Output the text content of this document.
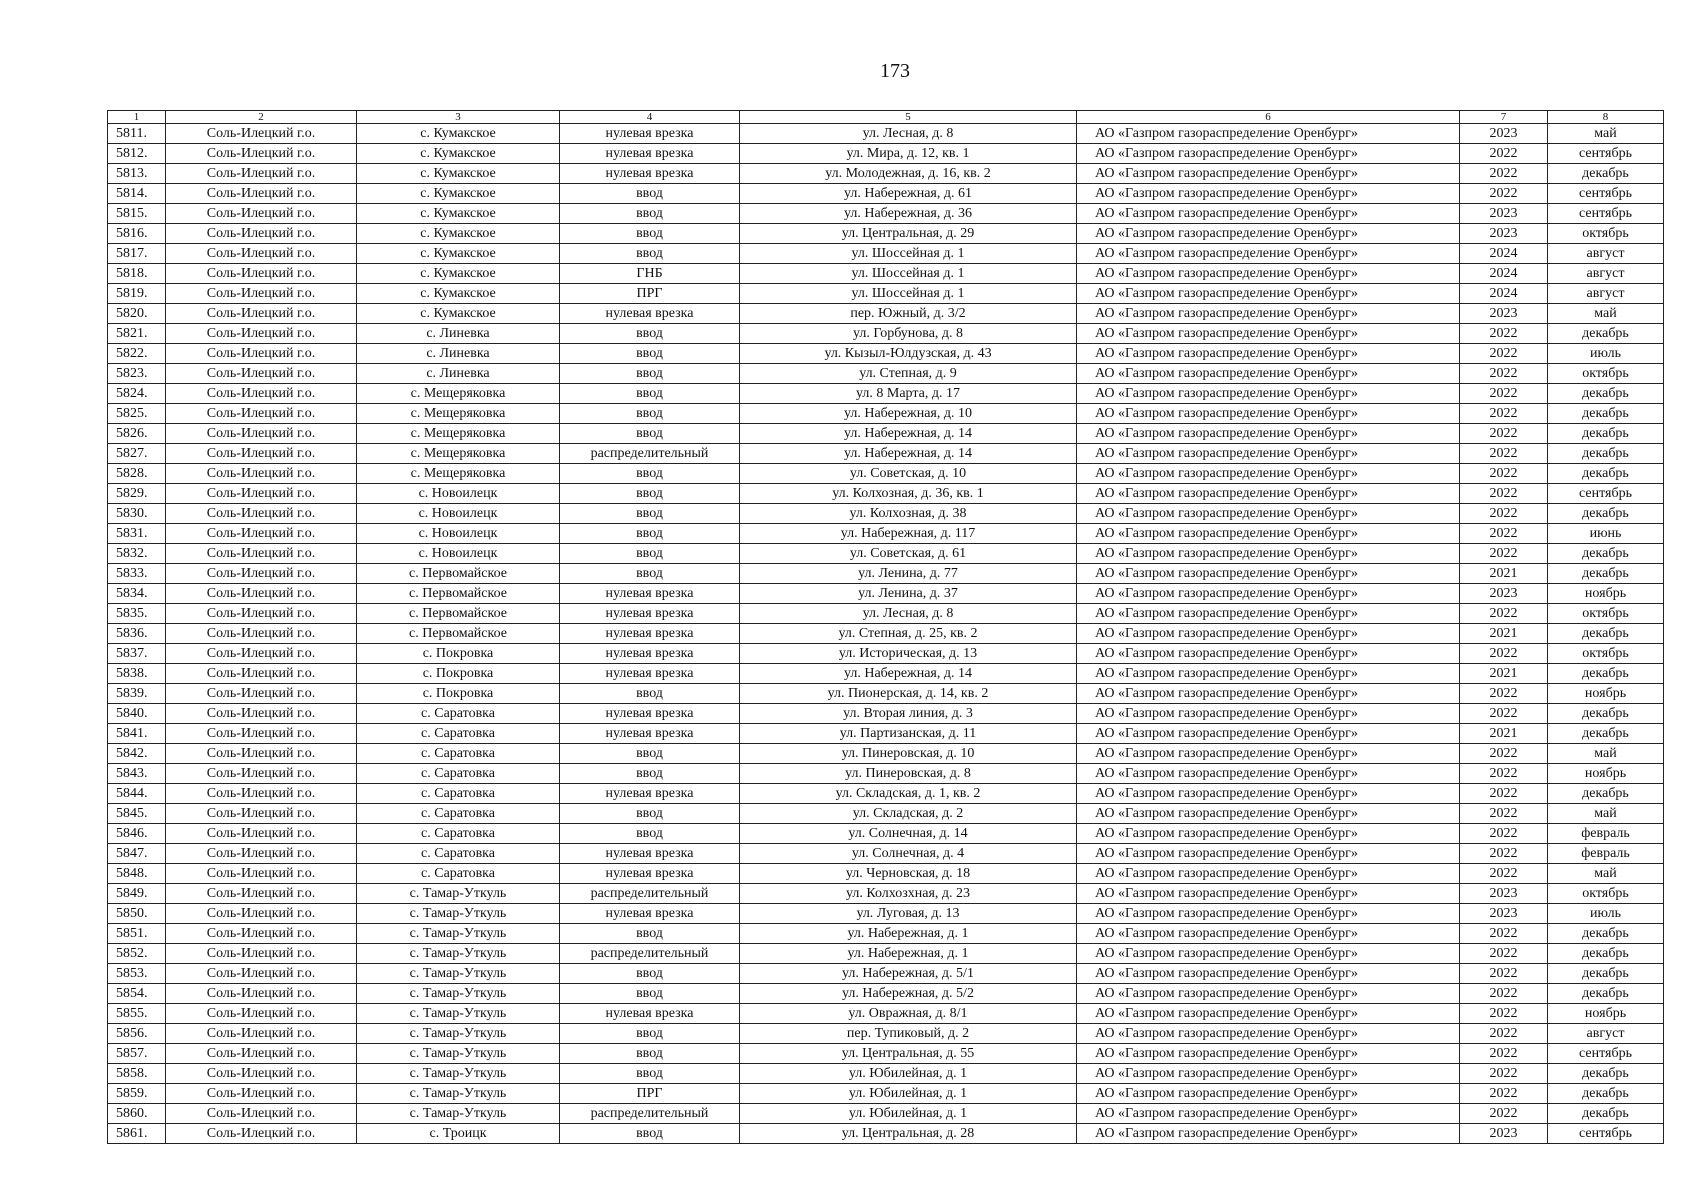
173
1	2	3	4	5	6	7	8
5811.	Соль-Илецкий г.о.	с. Кумакское	нулевая врезка	ул. Лесная, д. 8	АО «Газпром газораспределение Оренбург»	2023	май
5812.	Соль-Илецкий г.о.	с. Кумакское	нулевая врезка	ул. Мира, д. 12, кв. 1	АО «Газпром газораспределение Оренбург»	2022	сентябрь
5813.	Соль-Илецкий г.о.	с. Кумакское	нулевая врезка	ул. Молодежная, д. 16, кв. 2	АО «Газпром газораспределение Оренбург»	2022	декабрь
5814.	Соль-Илецкий г.о.	с. Кумакское	ввод	ул. Набережная, д. 61	АО «Газпром газораспределение Оренбург»	2022	сентябрь
5815.	Соль-Илецкий г.о.	с. Кумакское	ввод	ул. Набережная, д. 36	АО «Газпром газораспределение Оренбург»	2023	сентябрь
5816.	Соль-Илецкий г.о.	с. Кумакское	ввод	ул. Центральная, д. 29	АО «Газпром газораспределение Оренбург»	2023	октябрь
5817.	Соль-Илецкий г.о.	с. Кумакское	ввод	ул. Шоссейная д. 1	АО «Газпром газораспределение Оренбург»	2024	август
5818.	Соль-Илецкий г.о.	с. Кумакское	ГНБ	ул. Шоссейная д. 1	АО «Газпром газораспределение Оренбург»	2024	август
5819.	Соль-Илецкий г.о.	с. Кумакское	ПРГ	ул. Шоссейная д. 1	АО «Газпром газораспределение Оренбург»	2024	август
5820.	Соль-Илецкий г.о.	с. Кумакское	нулевая врезка	пер. Южный, д. 3/2	АО «Газпром газораспределение Оренбург»	2023	май
5821.	Соль-Илецкий г.о.	с. Линевка	ввод	ул. Горбунова, д. 8	АО «Газпром газораспределение Оренбург»	2022	декабрь
5822.	Соль-Илецкий г.о.	с. Линевка	ввод	ул. Кызыл-Юлдузская, д. 43	АО «Газпром газораспределение Оренбург»	2022	июль
5823.	Соль-Илецкий г.о.	с. Линевка	ввод	ул. Степная, д. 9	АО «Газпром газораспределение Оренбург»	2022	октябрь
5824.	Соль-Илецкий г.о.	с. Мещеряковка	ввод	ул. 8 Марта, д. 17	АО «Газпром газораспределение Оренбург»	2022	декабрь
5825.	Соль-Илецкий г.о.	с. Мещеряковка	ввод	ул. Набережная, д. 10	АО «Газпром газораспределение Оренбург»	2022	декабрь
5826.	Соль-Илецкий г.о.	с. Мещеряковка	ввод	ул. Набережная, д. 14	АО «Газпром газораспределение Оренбург»	2022	декабрь
5827.	Соль-Илецкий г.о.	с. Мещеряковка	распределительный	ул. Набережная, д. 14	АО «Газпром газораспределение Оренбург»	2022	декабрь
5828.	Соль-Илецкий г.о.	с. Мещеряковка	ввод	ул. Советская, д. 10	АО «Газпром газораспределение Оренбург»	2022	декабрь
5829.	Соль-Илецкий г.о.	с. Новоилецк	ввод	ул. Колхозная, д. 36, кв. 1	АО «Газпром газораспределение Оренбург»	2022	сентябрь
5830.	Соль-Илецкий г.о.	с. Новоилецк	ввод	ул. Колхозная, д. 38	АО «Газпром газораспределение Оренбург»	2022	декабрь
5831.	Соль-Илецкий г.о.	с. Новоилецк	ввод	ул. Набережная, д. 117	АО «Газпром газораспределение Оренбург»	2022	июнь
5832.	Соль-Илецкий г.о.	с. Новоилецк	ввод	ул. Советская, д. 61	АО «Газпром газораспределение Оренбург»	2022	декабрь
5833.	Соль-Илецкий г.о.	с. Первомайское	ввод	ул. Ленина, д. 77	АО «Газпром газораспределение Оренбург»	2021	декабрь
5834.	Соль-Илецкий г.о.	с. Первомайское	нулевая врезка	ул. Ленина, д. 37	АО «Газпром газораспределение Оренбург»	2023	ноябрь
5835.	Соль-Илецкий г.о.	с. Первомайское	нулевая врезка	ул. Лесная, д. 8	АО «Газпром газораспределение Оренбург»	2022	октябрь
5836.	Соль-Илецкий г.о.	с. Первомайское	нулевая врезка	ул. Степная, д. 25, кв. 2	АО «Газпром газораспределение Оренбург»	2021	декабрь
5837.	Соль-Илецкий г.о.	с. Покровка	нулевая врезка	ул. Историческая, д. 13	АО «Газпром газораспределение Оренбург»	2022	октябрь
5838.	Соль-Илецкий г.о.	с. Покровка	нулевая врезка	ул. Набережная, д. 14	АО «Газпром газораспределение Оренбург»	2021	декабрь
5839.	Соль-Илецкий г.о.	с. Покровка	ввод	ул. Пионерская, д. 14, кв. 2	АО «Газпром газораспределение Оренбург»	2022	ноябрь
5840.	Соль-Илецкий г.о.	с. Саратовка	нулевая врезка	ул. Вторая линия, д. 3	АО «Газпром газораспределение Оренбург»	2022	декабрь
5841.	Соль-Илецкий г.о.	с. Саратовка	нулевая врезка	ул. Партизанская, д. 11	АО «Газпром газораспределение Оренбург»	2021	декабрь
5842.	Соль-Илецкий г.о.	с. Саратовка	ввод	ул. Пинеровская, д. 10	АО «Газпром газораспределение Оренбург»	2022	май
5843.	Соль-Илецкий г.о.	с. Саратовка	ввод	ул. Пинеровская, д. 8	АО «Газпром газораспределение Оренбург»	2022	ноябрь
5844.	Соль-Илецкий г.о.	с. Саратовка	нулевая врезка	ул. Складская, д. 1, кв. 2	АО «Газпром газораспределение Оренбург»	2022	декабрь
5845.	Соль-Илецкий г.о.	с. Саратовка	ввод	ул. Складская, д. 2	АО «Газпром газораспределение Оренбург»	2022	май
5846.	Соль-Илецкий г.о.	с. Саратовка	ввод	ул. Солнечная, д. 14	АО «Газпром газораспределение Оренбург»	2022	февраль
5847.	Соль-Илецкий г.о.	с. Саратовка	нулевая врезка	ул. Солнечная, д. 4	АО «Газпром газораспределение Оренбург»	2022	февраль
5848.	Соль-Илецкий г.о.	с. Саратовка	нулевая врезка	ул. Черновская, д. 18	АО «Газпром газораспределение Оренбург»	2022	май
5849.	Соль-Илецкий г.о.	с. Тамар-Уткуль	распределительный	ул. Колхозхная, д. 23	АО «Газпром газораспределение Оренбург»	2023	октябрь
5850.	Соль-Илецкий г.о.	с. Тамар-Уткуль	нулевая врезка	ул. Луговая, д. 13	АО «Газпром газораспределение Оренбург»	2023	июль
5851.	Соль-Илецкий г.о.	с. Тамар-Уткуль	ввод	ул. Набережная, д. 1	АО «Газпром газораспределение Оренбург»	2022	декабрь
5852.	Соль-Илецкий г.о.	с. Тамар-Уткуль	распределительный	ул. Набережная, д. 1	АО «Газпром газораспределение Оренбург»	2022	декабрь
5853.	Соль-Илецкий г.о.	с. Тамар-Уткуль	ввод	ул. Набережная, д. 5/1	АО «Газпром газораспределение Оренбург»	2022	декабрь
5854.	Соль-Илецкий г.о.	с. Тамар-Уткуль	ввод	ул. Набережная, д. 5/2	АО «Газпром газораспределение Оренбург»	2022	декабрь
5855.	Соль-Илецкий г.о.	с. Тамар-Уткуль	нулевая врезка	ул. Овражная, д. 8/1	АО «Газпром газораспределение Оренбург»	2022	ноябрь
5856.	Соль-Илецкий г.о.	с. Тамар-Уткуль	ввод	пер. Тупиковый, д. 2	АО «Газпром газораспределение Оренбург»	2022	август
5857.	Соль-Илецкий г.о.	с. Тамар-Уткуль	ввод	ул. Центральная, д. 55	АО «Газпром газораспределение Оренбург»	2022	сентябрь
5858.	Соль-Илецкий г.о.	с. Тамар-Уткуль	ввод	ул. Юбилейная, д. 1	АО «Газпром газораспределение Оренбург»	2022	декабрь
5859.	Соль-Илецкий г.о.	с. Тамар-Уткуль	ПРГ	ул. Юбилейная, д. 1	АО «Газпром газораспределение Оренбург»	2022	декабрь
5860.	Соль-Илецкий г.о.	с. Тамар-Уткуль	распределительный	ул. Юбилейная, д. 1	АО «Газпром газораспределение Оренбург»	2022	декабрь
5861.	Соль-Илецкий г.о.	с. Троицк	ввод	ул. Центральная, д. 28	АО «Газпром газораспределение Оренбург»	2023	сентябрь
